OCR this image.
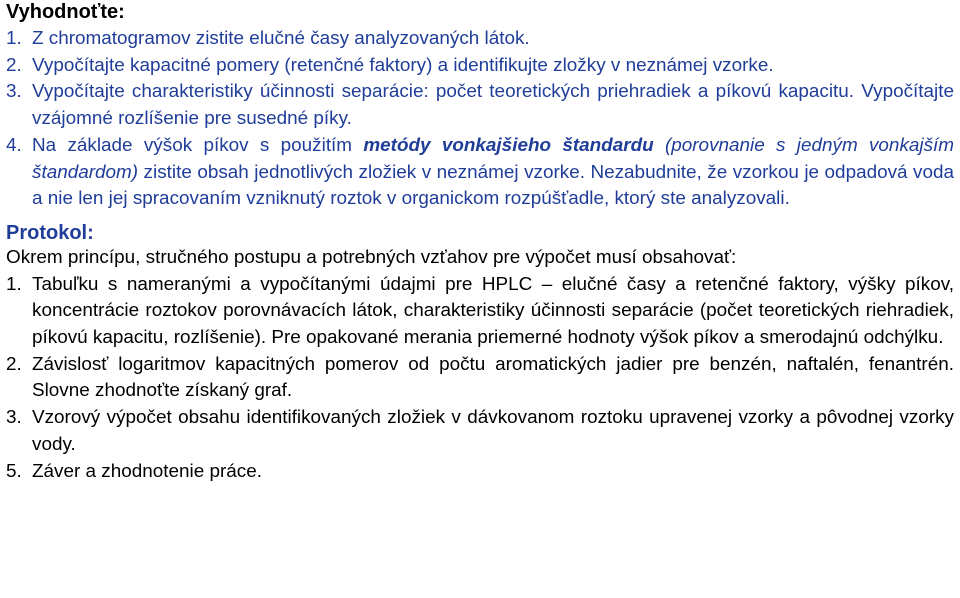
Vyhodnoťte:
1. Z chromatogramov zistite elučné časy analyzovaných látok.
2. Vypočítajte kapacitné pomery (retenčné faktory) a identifikujte zložky v neznámej vzorke.
3. Vypočítajte charakteristiky účinnosti separácie: počet teoretických priehradiek a píkovú kapacitu. Vypočítajte vzájomné rozlíšenie pre susedné píky.
4. Na základe výšok píkov s použitím metódy vonkajšieho štandardu (porovnanie s jedným vonkajším štandardom) zistite obsah jednotlivých zložiek v neznámej vzorke. Nezabudnite, že vzorkou je odpadová voda a nie len jej spracovaním vzniknutý roztok v organickom rozpúšťadle, ktorý ste analyzovali.
Protokol:

Okrem princípu, stručného postupu a potrebných vzťahov pre výpočet musí obsahovať:

1. Tabuľku s nameranými a vypočítanými údajmi pre HPLC – elučné časy a retenčné faktory, výšky píkov, koncentrácie roztokov porovnávacích látok, charakteristiky účinnosti separácie (počet teoretických riehradiek, píkovú kapacitu, rozlíšenie). Pre opakované merania priemerné hodnoty výšok píkov a smerodajnú odchýlku.
2. Závislosť logaritmov kapacitných pomerov od počtu aromatických jadier pre benzén, naftalén, fenantrén. Slovne zhodnoťte získaný graf.
3. Vzorový výpočet obsahu identifikovaných zložiek v dávkovanom roztoku upravenej vzorky a pôvodnej vzorky vody.
5. Záver a zhodnotenie práce.
